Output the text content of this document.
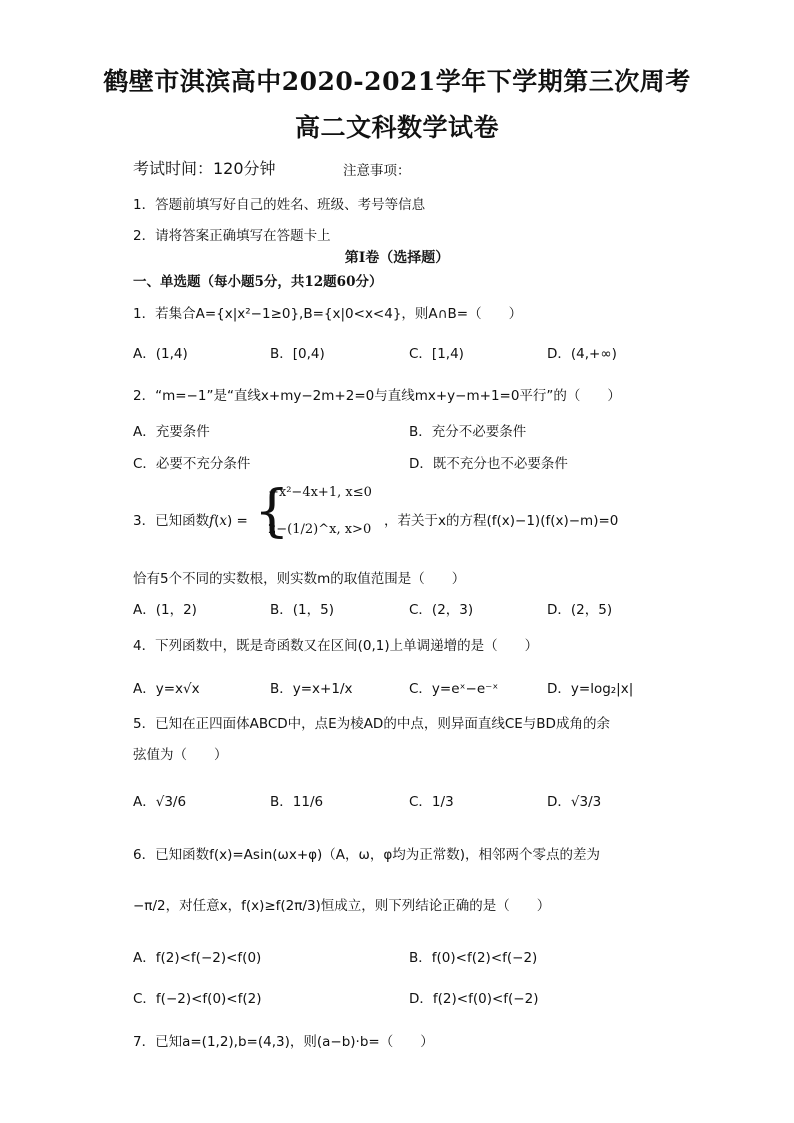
鹤壁市淇滨高中2020-2021学年下学期第三次周考
高二文科数学试卷
考试时间：120分钟	注意事项：
1．答题前填写好自己的姓名、班级、考号等信息
2．请将答案正确填写在答题卡上
第I卷（选择题）
一、单选题（每小题5分，共12题60分）
1．若集合A={x|x²−1≥0},B={x|0<x<4}，则A∩B=（　　）
A．(1,4)	B．[0,4)	C．[1,4)	D．(4,+∞)
2．“m=−1”是“直线x+my−2m+2=0与直线mx+y−m+1=0平行”的（　　）
A．充要条件	B．充分不必要条件
C．必要不充分条件	D．既不充分也不必要条件
3．已知函数f(x) = {
−x²−4x+1, x≤0
2−(1/2)^x, x>0
，若关于x的方程(f(x)−1)(f(x)−m)=0
恰有5个不同的实数根，则实数m的取值范围是（　　）
A．(1，2)	B．(1，5)	C．(2，3)	D．(2，5)
4．下列函数中，既是奇函数又在区间(0,1)上单调递增的是（　　）
A．y=x√x	B．y=x+1/x	C．y=eˣ−e⁻ˣ	D．y=log₂|x|
5．已知在正四面体ABCD中，点E为棱AD的中点，则异面直线CE与BD成角的余
弦值为（　　）
A．√3/6	B．11/6	C．1/3	D．√3/3
6．已知函数f(x)=Asin(ωx+φ)（A，ω，φ均为正常数)，相邻两个零点的差为
−π/2，对任意x，f(x)≥f(2π/3)恒成立，则下列结论正确的是（　　）
A．f(2)<f(−2)<f(0)	B．f(0)<f(2)<f(−2)
C．f(−2)<f(0)<f(2)	D．f(2)<f(0)<f(−2)
7．已知a=(1,2),b=(4,3)，则(a−b)·b=（　　）
